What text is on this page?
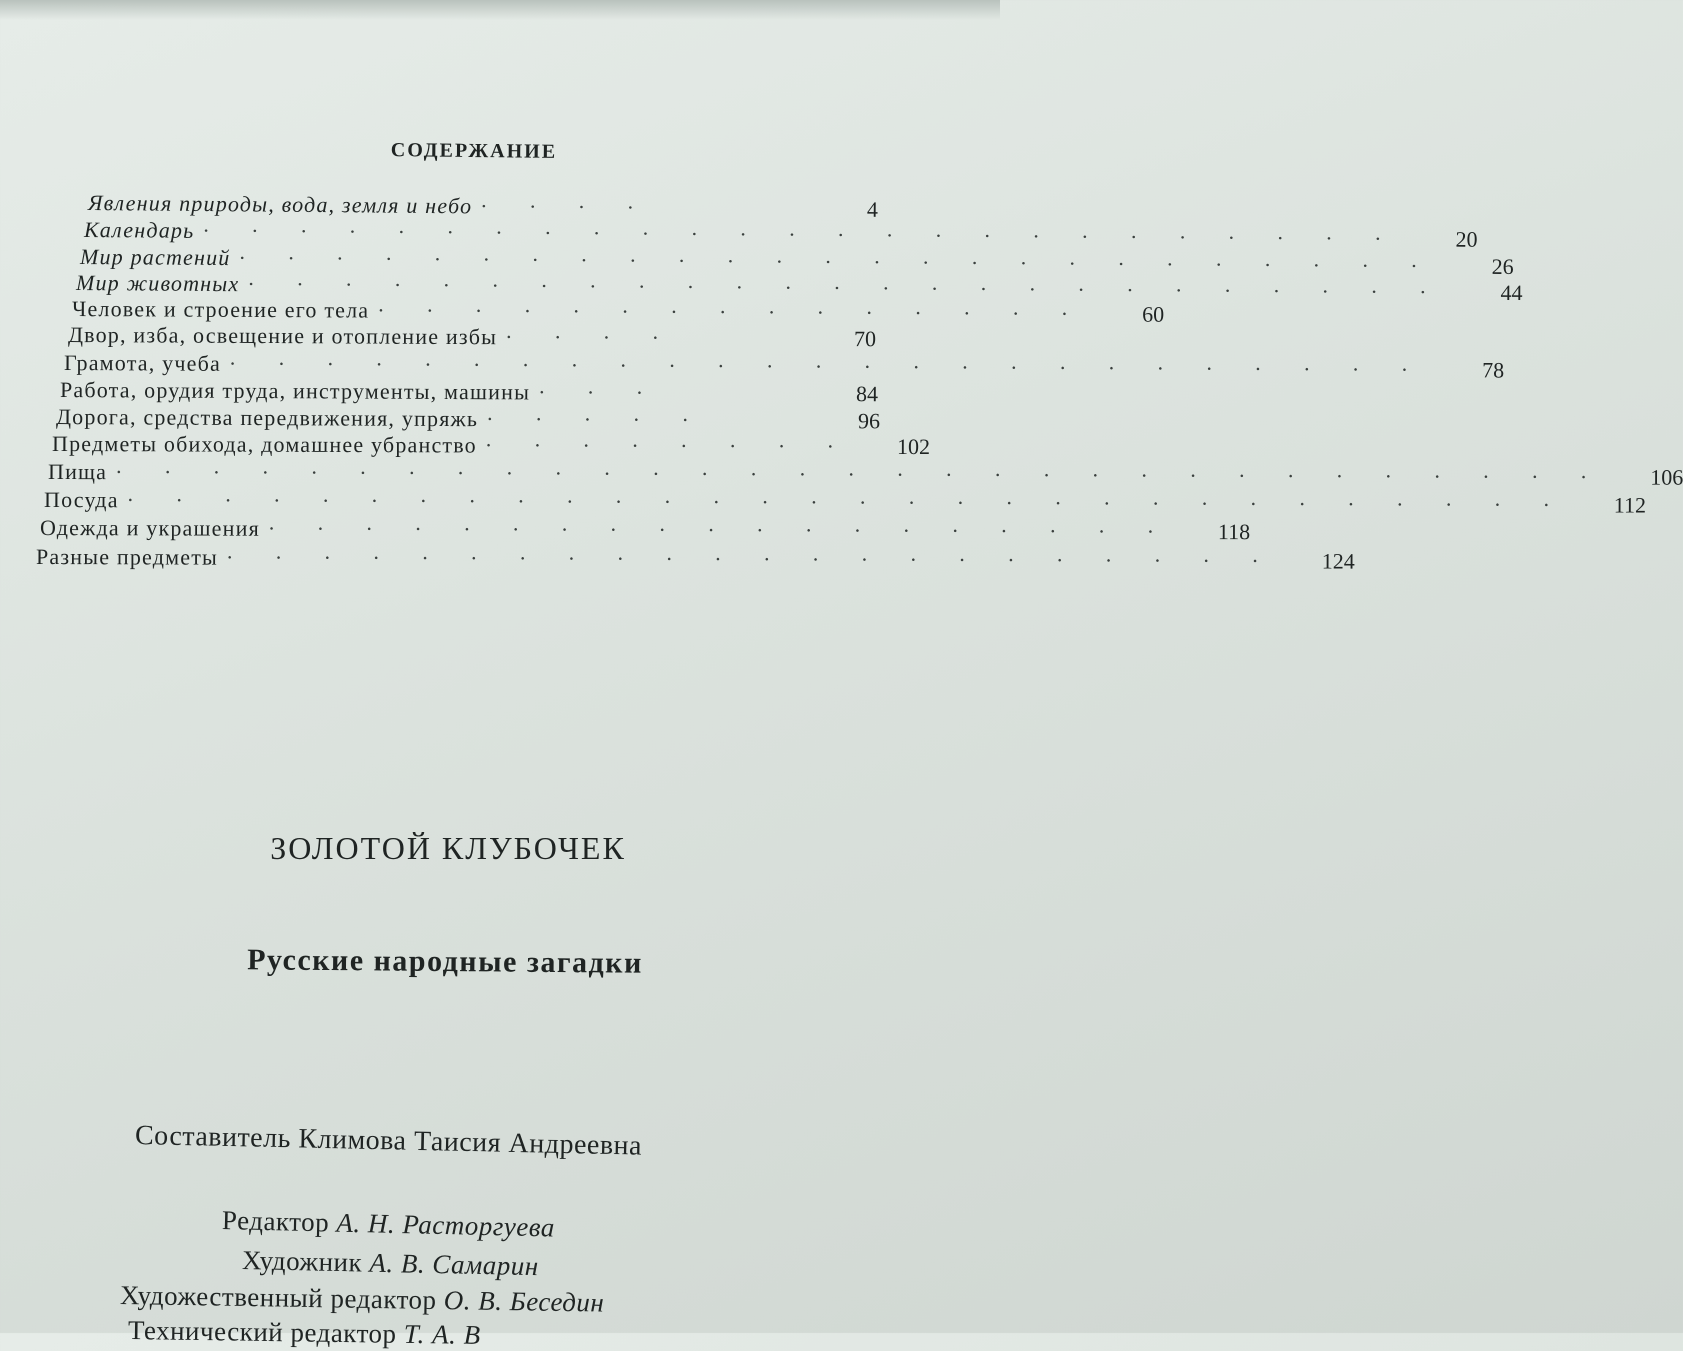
СОДЕРЖАНИЕ
Явления природы, вода, земля и небо · · · ·	4
Календарь · · · · · · · · · · · · · · · · · · · · · · · · ·	20
Мир растений · · · · · · · · · · · · · · · · · · · · · · · · ·	26
Мир животных · · · · · · · · · · · · · · · · · · · · · · · · ·	44
Человек и строение его тела · · · · · · · · · · · · · · ·	60
Двор, изба, освещение и отопление избы · · · ·	70
Грамота, учеба · · · · · · · · · · · · · · · · · · · · · · · · ·	78
Работа, орудия труда, инструменты, машины · · ·	84
Дорога, средства передвижения, упряжь · · · · ·	96
Предметы обихода, домашнее убранство · · · · · · · ·	102
Пища · · · · · · · · · · · · · · · · · · · · · · · · · · · · · · ·	106
Посуда · · · · · · · · · · · · · · · · · · · · · · · · · · · · · ·	112
Одежда и украшения · · · · · · · · · · · · · · · · · · ·	118
Разные предметы · · · · · · · · · · · · · · · · · · · · · ·	124
ЗОЛОТОЙ КЛУБОЧЕК
Русские народные загадки
Составитель Климова Таисия Андреевна
Редактор А. Н. Расторгуева
Художник А. В. Самарин
Художественный редактор О. В. Беседин
Технический редактор Т. А. В
